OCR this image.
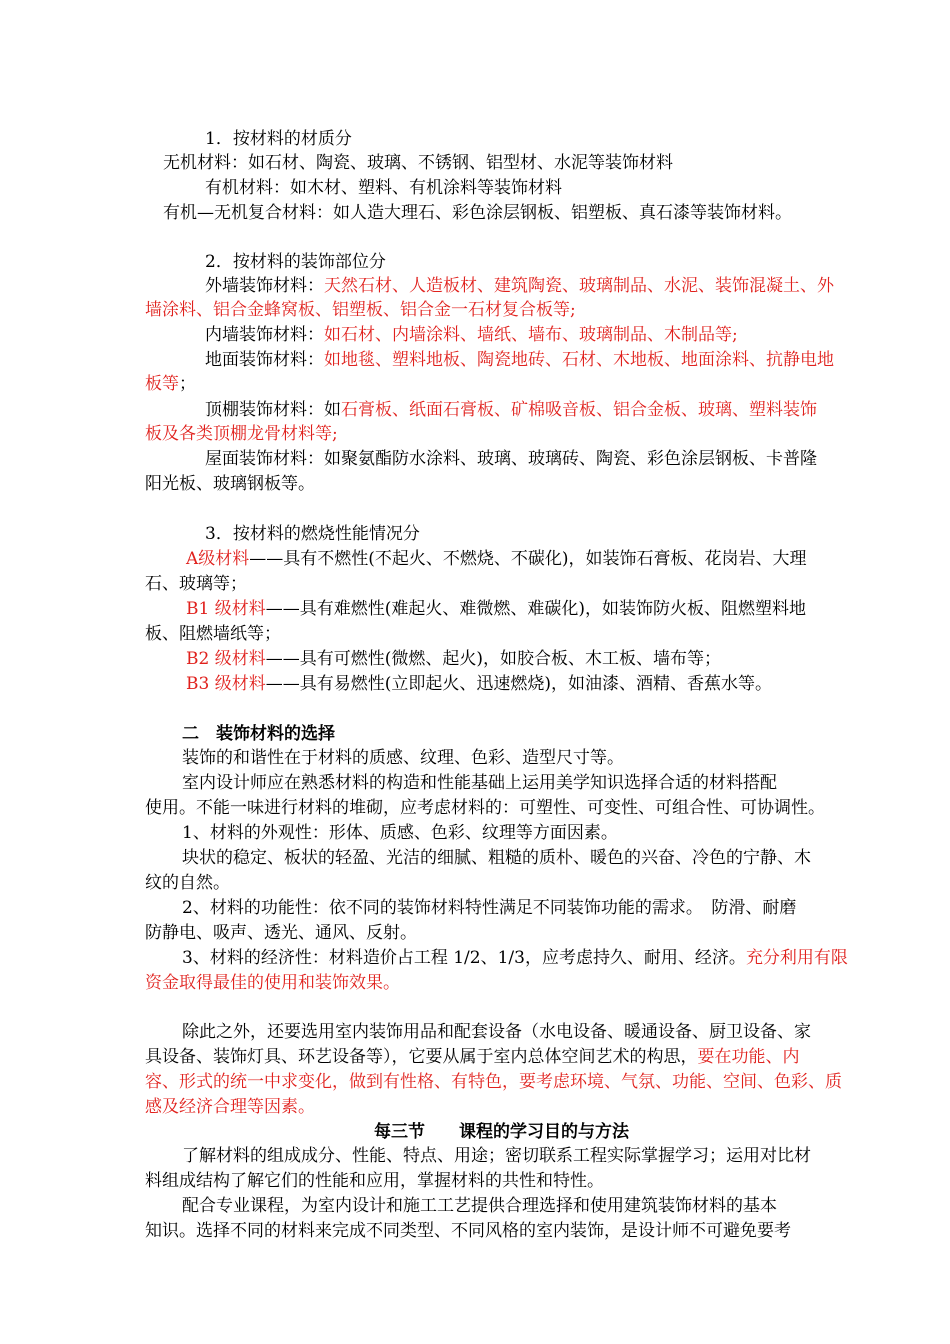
1．按材料的材质分
无机材料：如石材、陶瓷、玻璃、不锈钢、铝型材、水泥等装饰材料
有机材料：如木材、塑料、有机涂料等装饰材料
有机—无机复合材料：如人造大理石、彩色涂层钢板、铝塑板、真石漆等装饰材料。
2．按材料的装饰部位分
外墙装饰材料：天然石材、人造板材、建筑陶瓷、玻璃制品、水泥、装饰混凝土、外
墙涂料、铝合金蜂窝板、铝塑板、铝合金一石材复合板等;
内墙装饰材料：如石材、内墙涂料、墙纸、墙布、玻璃制品、木制品等;
地面装饰材料：如地毯、塑料地板、陶瓷地砖、石材、木地板、地面涂料、抗静电地
板等；
顶棚装饰材料：如石膏板、纸面石膏板、矿棉吸音板、铝合金板、玻璃、塑料装饰
板及各类顶棚龙骨材料等;
屋面装饰材料：如聚氨酯防水涂料、玻璃、玻璃砖、陶瓷、彩色涂层钢板、卡普隆
阳光板、玻璃钢板等。
3．按材料的燃烧性能情况分
A级材料——具有不燃性(不起火、不燃烧、不碳化)，如装饰石膏板、花岗岩、大理
石、玻璃等；
B1 级材料——具有难燃性(难起火、难微燃、难碳化)，如装饰防火板、阻燃塑料地
板、阻燃墙纸等；
B2 级材料——具有可燃性(微燃、起火)，如胶合板、木工板、墙布等；
B3 级材料——具有易燃性(立即起火、迅速燃烧)，如油漆、酒精、香蕉水等。
二　装饰材料的选择
装饰的和谐性在于材料的质感、纹理、色彩、造型尺寸等。
室内设计师应在熟悉材料的构造和性能基础上运用美学知识选择合适的材料搭配
使用。不能一味进行材料的堆砌，应考虑材料的：可塑性、可变性、可组合性、可协调性。
1、材料的外观性：形体、质感、色彩、纹理等方面因素。
块状的稳定、板状的轻盈、光洁的细腻、粗糙的质朴、暖色的兴奋、冷色的宁静、木
纹的自然。
2、材料的功能性：依不同的装饰材料特性满足不同装饰功能的需求。　防滑、耐磨
防静电、吸声、透光、通风、反射。
3、材料的经济性：材料造价占工程 1/2、1/3，应考虑持久、耐用、经济。充分利用有限
资金取得最佳的使用和装饰效果。
除此之外，还要选用室内装饰用品和配套设备（水电设备、暖通设备、厨卫设备、家
具设备、装饰灯具、环艺设备等），它要从属于室内总体空间艺术的构思，要在功能、内
容、形式的统一中求变化，做到有性格、有特色，要考虑环境、气氛、功能、空间、色彩、质
感及经济合理等因素。
每三节　　课程的学习目的与方法
了解材料的组成成分、性能、特点、用途；密切联系工程实际掌握学习；运用对比材
料组成结构了解它们的性能和应用，掌握材料的共性和特性。
配合专业课程，为室内设计和施工工艺提供合理选择和使用建筑装饰材料的基本
知识。选择不同的材料来完成不同类型、不同风格的室内装饰，是设计师不可避免要考
